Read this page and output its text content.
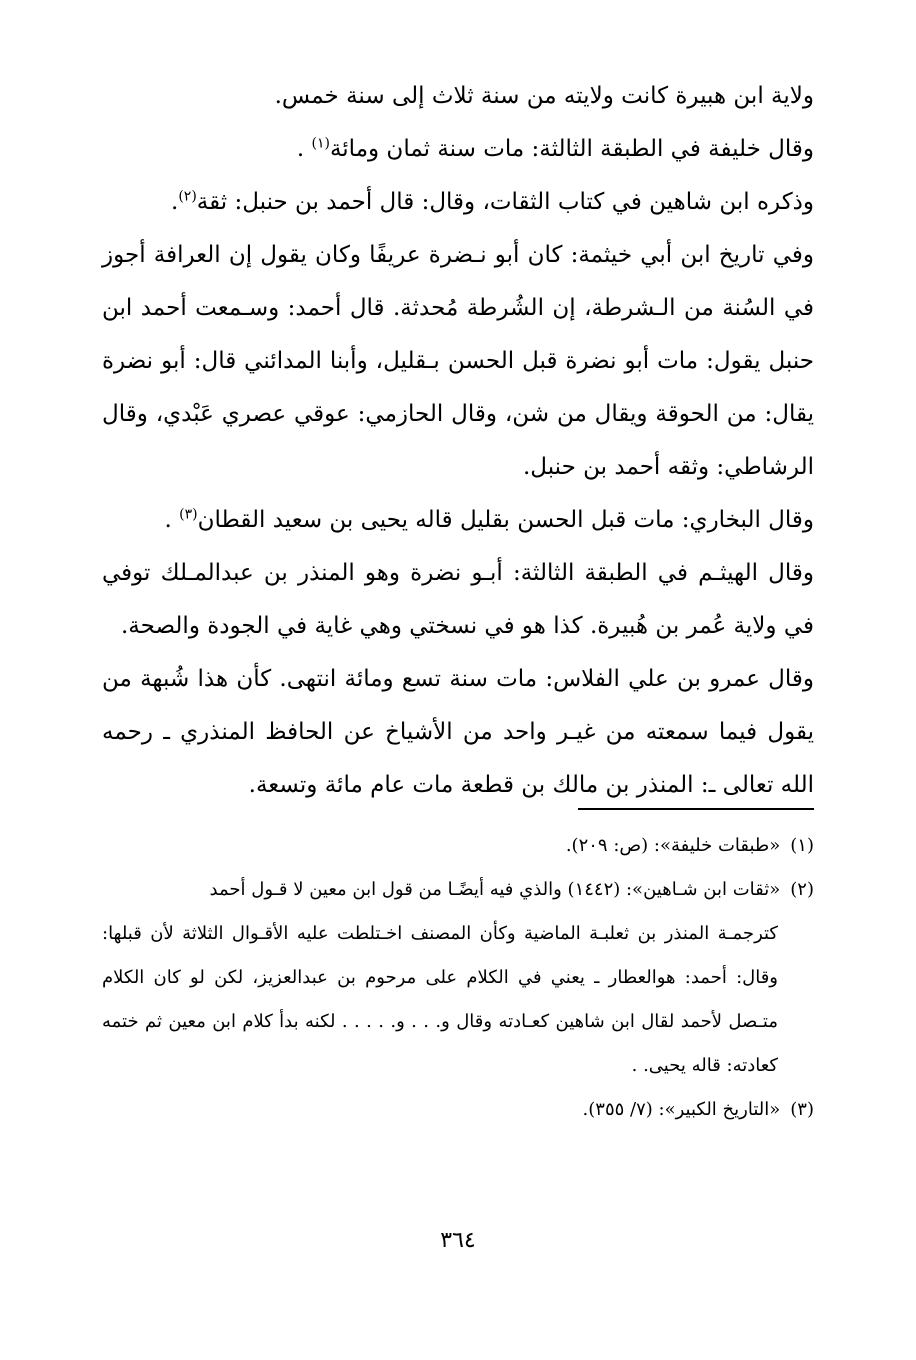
ولاية ابن هبيرة كانت ولايته من سنة ثلاث إلى سنة خمس.

وقال خليفة في الطبقة الثالثة: مات سنة ثمان ومائة$^{(١)}$ .

وذكره ابن شاهين في كتاب الثقات، وقال: قال أحمد بن حنبل: ثقة$^{(٢)}$.

وفي تاريخ ابن أبي خيثمة: كان أبو نـضرة عريفًا وكان يقول إن العرافة أجوز في السُنة من الـشرطة، إن الشُرطة مُحدثة. قال أحمد: وسـمعت أحمد ابن حنبل يقول: مات أبو نضرة قبل الحسن بـقليل، وأبنا المدائني قال: أبو نضرة يقال: من الحوقة ويقال من شن، وقال الحازمي: عوقي عصري عَبْدي، وقال الرشاطي: وثقه أحمد بن حنبل.

وقال البخاري: مات قبل الحسن بقليل قاله يحيى بن سعيد القطان$^{(٣)}$ .

وقال الهيثـم في الطبقة الثالثة: أبـو نضرة وهو المنذر بن عبدالمـلك توفي في ولاية عُمر بن هُبيرة. كذا هو في نسختي وهي غاية في الجودة والصحة.

وقال عمرو بن علي الفلاس: مات سنة تسع ومائة انتهى. كأن هذا شُبهة من يقول فيما سمعته من غيـر واحد من الأشياخ عن الحافظ المنذري ـ رحمه الله تعالى ـ: المنذر بن مالك بن قطعة مات عام مائة وتسعة.

(١)«طبقات خليفة»: (ص: ٢٠٩).

(٢)«ثقات ابن شـاهين»: (١٤٤٢) والذي فيه أيضًـا من قول ابن معين لا قـول أحمد

كترجمـة المنذر بن ثعلبـة الماضية وكأن المصنف اخـتلطت عليه الأقـوال الثلاثة لأن قبلها: وقال: أحمد: هوالعطار ـ يعني في الكلام على مرحوم بن عبدالعزيز، لكن لو كان الكلام متـصل لأحمد لقال ابن شاهين كعـادته وقال و. . . و. . . . . لكنه بدأ كلام ابن معين ثم ختمه كعادته: قاله يحيى. .

(٣)«التاريخ الكبير»: (٧/ ٣٥٥).

٣٦٤
